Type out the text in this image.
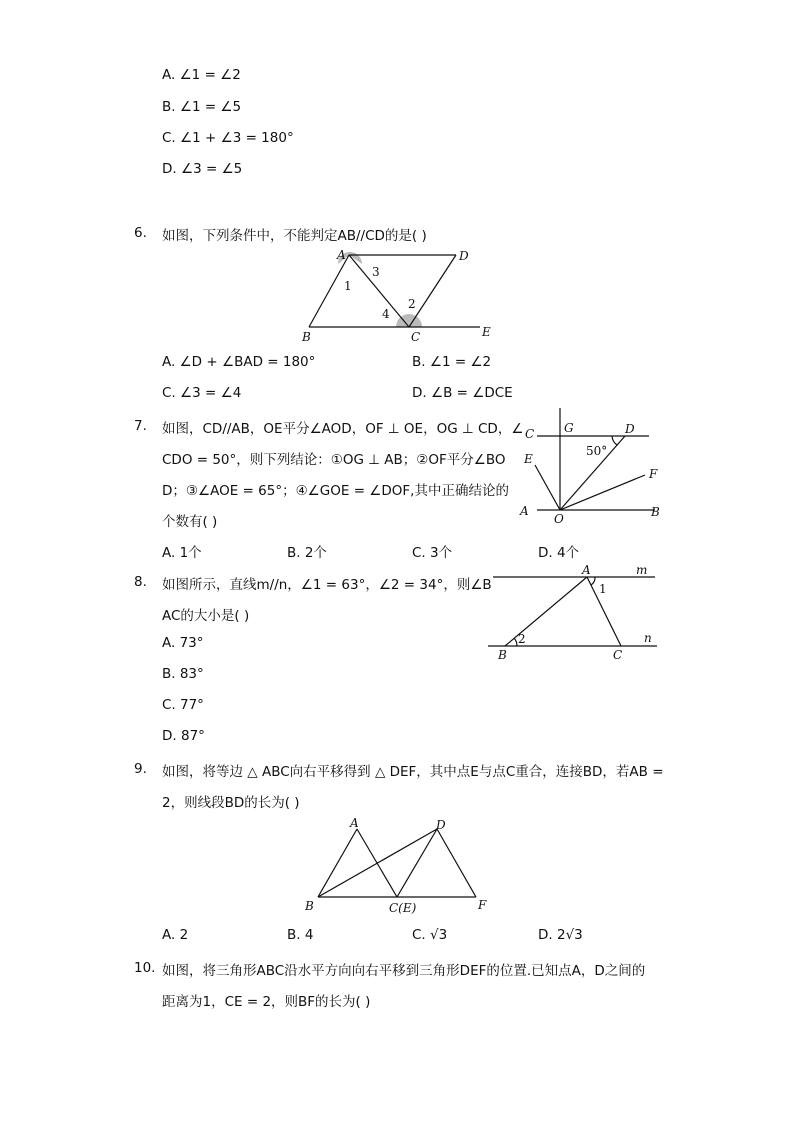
A. ∠1 = ∠2
B. ∠1 = ∠5
C. ∠1 + ∠3 = 180°
D. ∠3 = ∠5
6. 如图，下列条件中，不能判定AB//CD的是( )
A	D
B	C	E
1
2
3
4
A. ∠D + ∠BAD = 180°	B. ∠1 = ∠2
C. ∠3 = ∠4	D. ∠B = ∠DCE
7. 如图，CD//AB，OE平分∠AOD，OF ⊥ OE，OG ⊥ CD，∠
CDO = 50°，则下列结论：①OG ⊥ AB；②OF平分∠BO
D；③∠AOE = 65°；④∠GOE = ∠DOF,其中正确结论的
个数有( )
C G	D
E
F
A
O	B
50°
A. 1个	B. 2个	C. 3个	D. 4个
8. 如图所示，直线m//n，∠1 = 63°，∠2 = 34°，则∠B
AC的大小是( )
A	m
1
2	n
B	C
A. 73°
B. 83°
C. 77°
D. 87°
9. 如图，将等边 △ ABC向右平移得到 △ DEF，其中点E与点C重合，连接BD，若AB =
2，则线段BD的长为( )
A	D
B	C(E)	F
A. 2	B. 4	C. √3	D. 2√3
10. 如图，将三角形ABC沿水平方向向右平移到三角形DEF的位置.已知点A，D之间的
距离为1，CE = 2，则BF的长为( )
